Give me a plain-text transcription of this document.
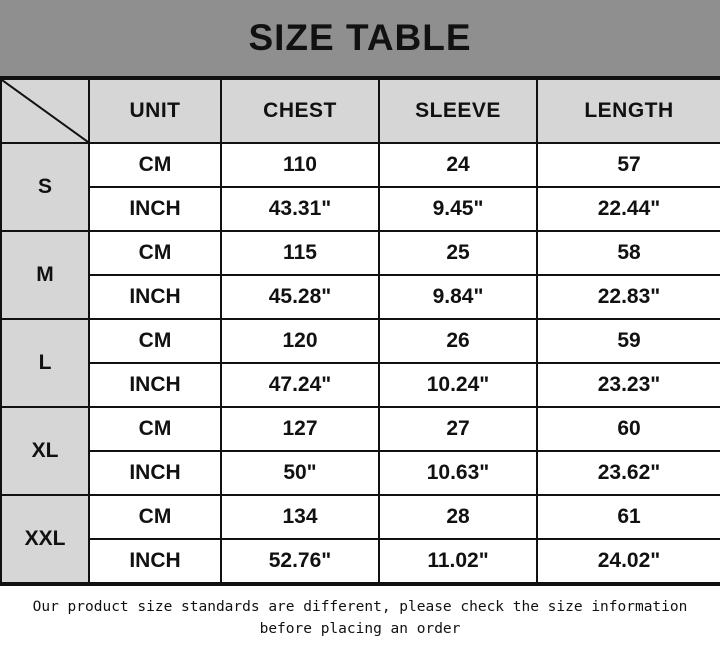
SIZE TABLE
	UNIT	CHEST	SLEEVE	LENGTH
S	CM	110	24	57
	INCH	43.31"	9.45"	22.44"
M	CM	115	25	58
	INCH	45.28"	9.84"	22.83"
L	CM	120	26	59
	INCH	47.24"	10.24"	23.23"
XL	CM	127	27	60
	INCH	50"	10.63"	23.62"
XXL	CM	134	28	61
	INCH	52.76"	11.02"	24.02"
Our product size standards are different, please check the size information before placing an order
